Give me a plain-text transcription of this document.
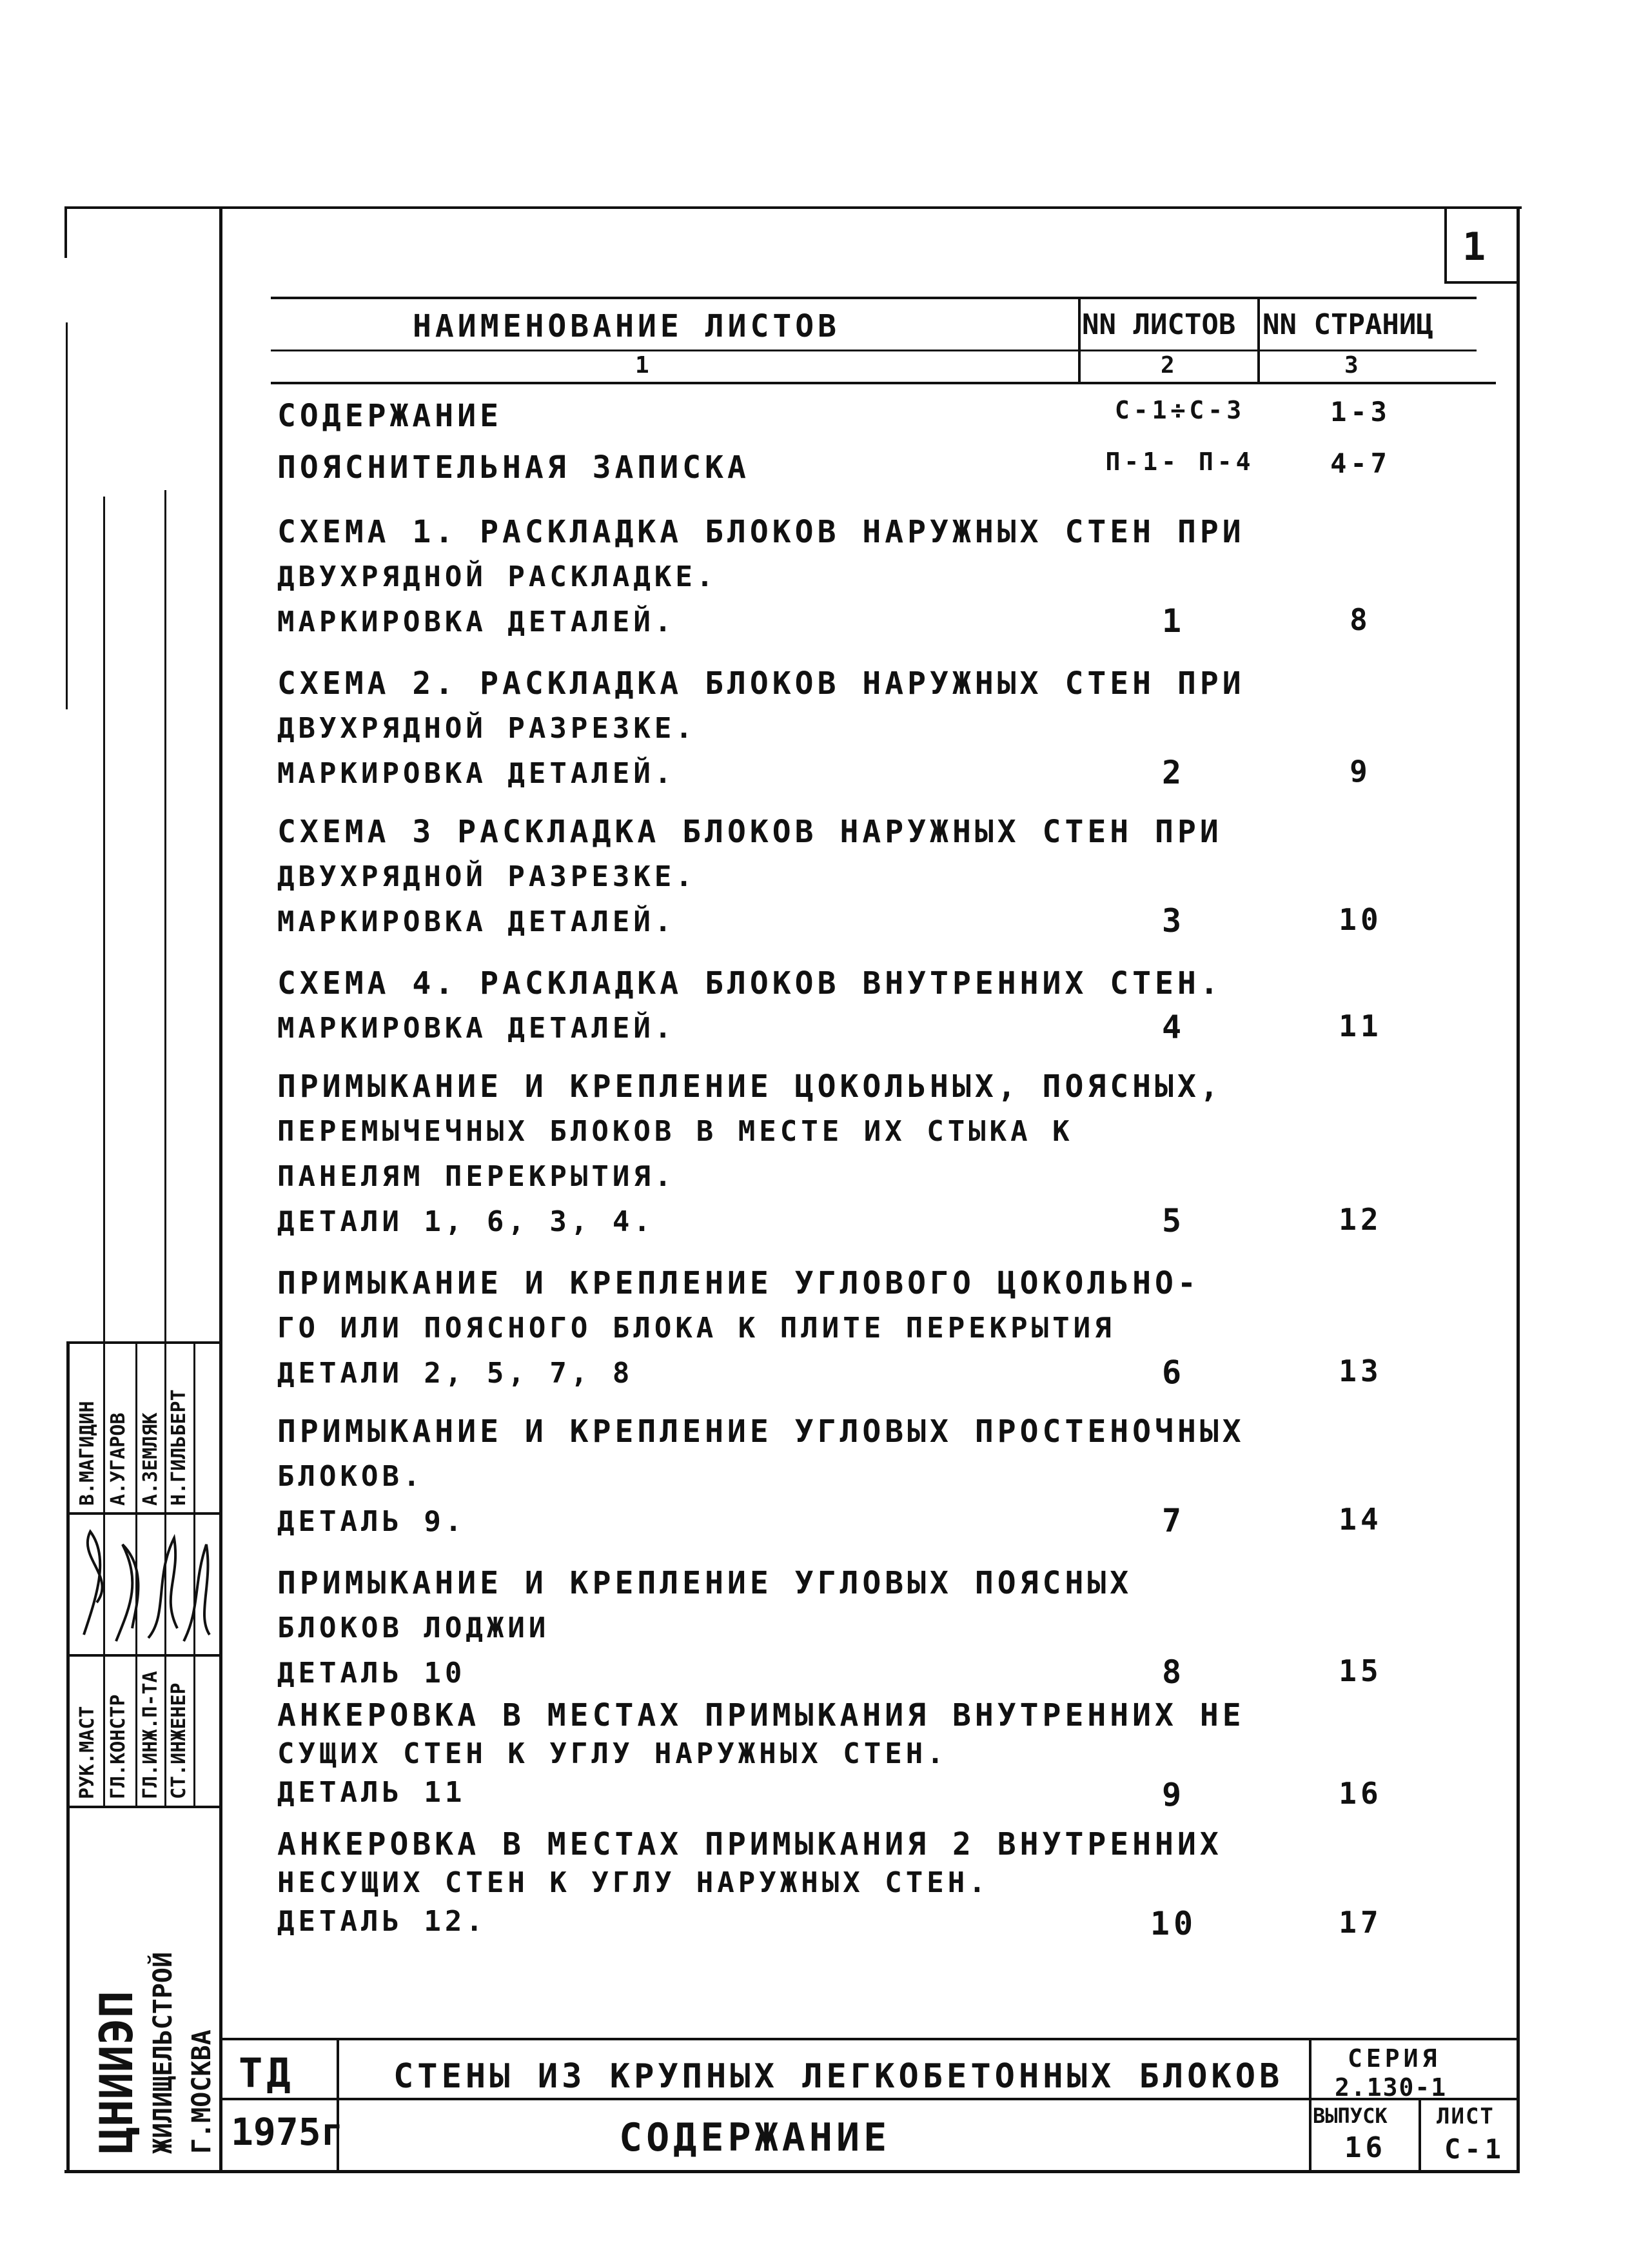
1
НАИМЕНОВАНИЕ ЛИСТОВ	NN ЛИСТОВ NN СТРАНИЦ
1	2	3
СОДЕРЖАНИЕ	С-1÷С-3	1-3
ПОЯСНИТЕЛЬНАЯ ЗАПИСКА	П-1- П-4	4-7
СХЕМА 1. РАСКЛАДКА БЛОКОВ НАРУЖНЫХ СТЕН ПРИ
ДВУХРЯДНОЙ РАСКЛАДКЕ.
МАРКИРОВКА ДЕТАЛЕЙ.	1	8
СХЕМА 2. РАСКЛАДКА БЛОКОВ НАРУЖНЫХ СТЕН ПРИ
ДВУХРЯДНОЙ РАЗРЕЗКЕ.
МАРКИРОВКА ДЕТАЛЕЙ.	2	9
СХЕМА 3 РАСКЛАДКА БЛОКОВ НАРУЖНЫХ СТЕН ПРИ
ДВУХРЯДНОЙ РАЗРЕЗКЕ.
МАРКИРОВКА ДЕТАЛЕЙ.	3	10
СХЕМА 4. РАСКЛАДКА БЛОКОВ ВНУТРЕННИХ СТЕН.
МАРКИРОВКА ДЕТАЛЕЙ.	4	11
ПРИМЫКАНИЕ И КРЕПЛЕНИЕ ЦОКОЛЬНЫХ, ПОЯСНЫХ,
ПЕРЕМЫЧЕЧНЫХ БЛОКОВ В МЕСТЕ ИХ СТЫКА К
ПАНЕЛЯМ ПЕРЕКРЫТИЯ.
ДЕТАЛИ 1, 6, 3, 4.	5	12
ПРИМЫКАНИЕ И КРЕПЛЕНИЕ УГЛОВОГО ЦОКОЛЬНО-
ГО ИЛИ ПОЯСНОГО БЛОКА К ПЛИТЕ ПЕРЕКРЫТИЯ
ДЕТАЛИ 2, 5, 7, 8	6	13
ПРИМЫКАНИЕ И КРЕПЛЕНИЕ УГЛОВЫХ ПРОСТЕНОЧНЫХ
БЛОКОВ.
ДЕТАЛЬ 9.	7	14
ПРИМЫКАНИЕ И КРЕПЛЕНИЕ УГЛОВЫХ ПОЯСНЫХ
БЛОКОВ ЛОДЖИИ
ДЕТАЛЬ 10	8	15
АНКЕРОВКА В МЕСТАХ ПРИМЫКАНИЯ ВНУТРЕННИХ НЕ
СУЩИХ СТЕН К УГЛУ НАРУЖНЫХ СТЕН.
ДЕТАЛЬ 11	9	16
АНКЕРОВКА В МЕСТАХ ПРИМЫКАНИЯ 2 ВНУТРЕННИХ
НЕСУЩИХ СТЕН К УГЛУ НАРУЖНЫХ СТЕН.
ДЕТАЛЬ 12.	10	17
ТД
1975г
СТЕНЫ ИЗ КРУПНЫХ ЛЕГКОБЕТОННЫХ БЛОКОВ
СОДЕРЖАНИЕ
СЕРИЯ
2.130-1
ВЫПУСК
16
ЛИСТ
С-1
РУК.МАСТ ГЛ.КОНСТР ГЛ.ИНЖ.П-ТА СТ.ИНЖЕНЕР
В.МАГИДИН А.УГАРОВ А.ЗЕМЛЯК Н.ГИЛЬБЕРТ
ЦНИИЭП ЖИЛИЩЕЛЬСТРОЙ Г.МОСКВА
